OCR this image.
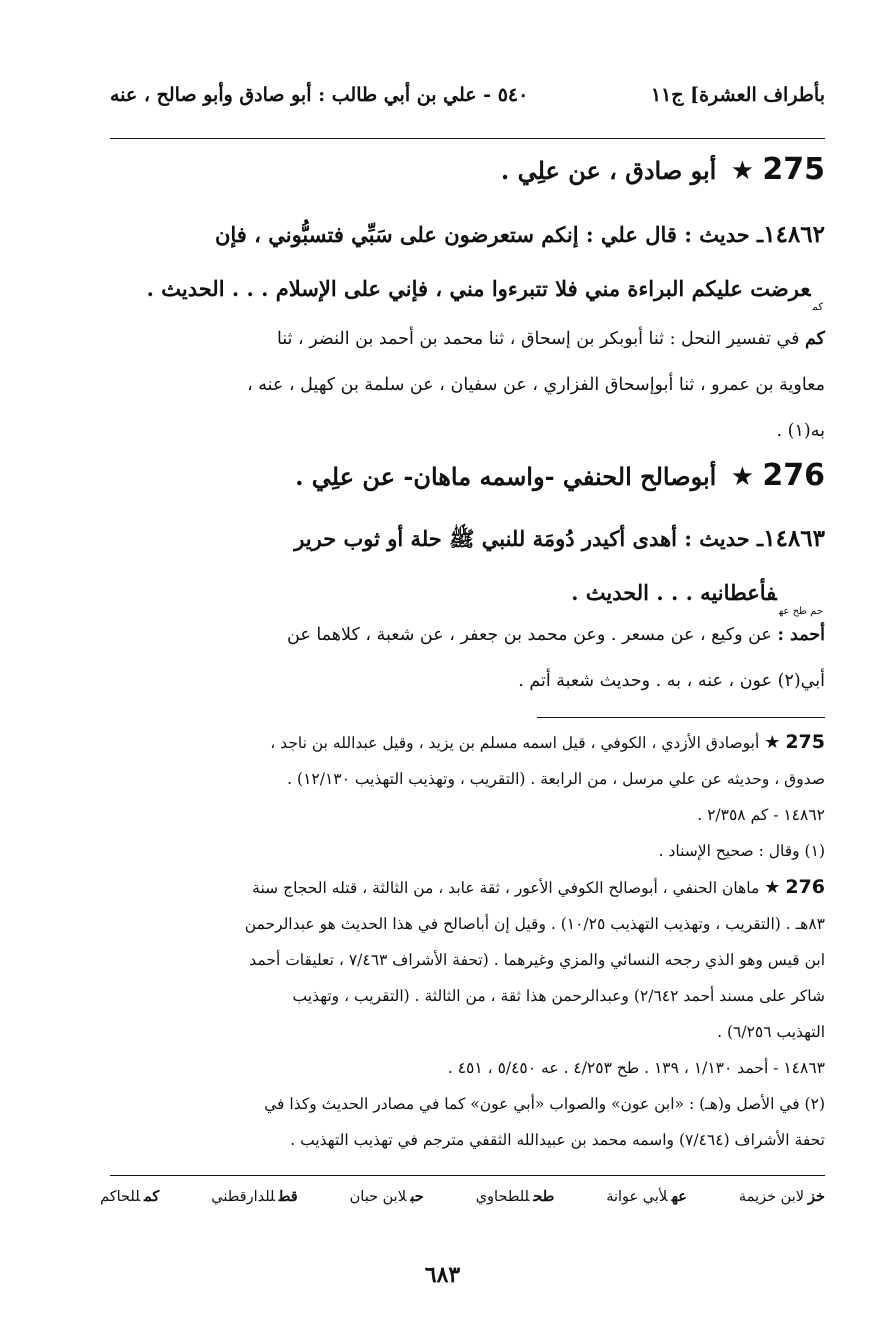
بأطراف العشرة] ج١١
٥٤٠ - علي بن أبي طالب : أبو صادق وأبو صالح ، عنه
275 ★ أبو صادق ، عن علِي .
١٤٨٦٢ـ حديث : قال علي : إنكم ستعرضون على سَبِّي فتسبُّوني ، فإن
$_{كم}$عرضت عليكم البراءة مني فلا تتبرءوا مني ، فإني على الإسلام . . . الحديث .
كم في تفسير النحل : ثنا أبوبكر بن إسحاق ، ثنا محمد بن أحمد بن النضر ، ثنا
معاوية بن عمرو ، ثنا أبوإسحاق الفزاري ، عن سفيان ، عن سلمة بن كهيل ، عنه ،
به(١) .
276 ★ أبوصالح الحنفي -واسمه ماهان- عن علِي .
١٤٨٦٣ـ حديث : أهدى أكيدر دُومَة للنبي ﷺ حلة أو ثوب حرير
$_{حم طح عه}$فأعطانيه . . . الحديث .
أحمد : عن وكيع ، عن مسعر . وعن محمد بن جعفر ، عن شعبة ، كلاهما عن
أبي(٢) عون ، عنه ، به . وحديث شعبة أتم .
275 ★ أبوصادق الأزدي ، الكوفي ، قيل اسمه مسلم بن يزيد ، وقيل عبدالله بن ناجد ،
صدوق ، وحديثه عن علي مرسل ، من الرابعة . (التقريب ، وتهذيب التهذيب ١٢/١٣٠) .
١٤٨٦٢ - كم ٢/٣٥٨ .
(١) وقال : صحيح الإسناد .
276 ★ ماهان الحنفي ، أبوصالح الكوفي الأعور ، ثقة عابد ، من الثالثة ، قتله الحجاج سنة
٨٣هـ . (التقريب ، وتهذيب التهذيب ١٠/٢٥) . وقيل إن أباصالح في هذا الحديث هو عبدالرحمن
ابن قيس وهو الذي رجحه النسائي والمزي وغيرهما . (تحفة الأشراف ٧/٤٦٣ ، تعليقات أحمد
شاكر على مسند أحمد ٢/٦٤٢) وعبدالرحمن هذا ثقة ، من الثالثة . (التقريب ، وتهذيب
التهذيب ٦/٢٥٦) .
١٤٨٦٣ - أحمد ١/١٣٠ ، ١٣٩ . طح ٤/٢٥٣ . عه ٥/٤٥٠ ، ٤٥١ .
(٢) في الأصل و(هـ) : «ابن عون» والصواب «أبي عون» كما في مصادر الحديث وكذا في
تحفة الأشراف (٧/٤٦٤) واسمه محمد بن عبيدالله الثقفي مترجم في تهذيب التهذيب .
خزلابن خزيمة
عهلأبي عوانة
طحللطحاوي
حبلابن حبان
قطللدارقطني
كمللحاكم
٦٨٣
